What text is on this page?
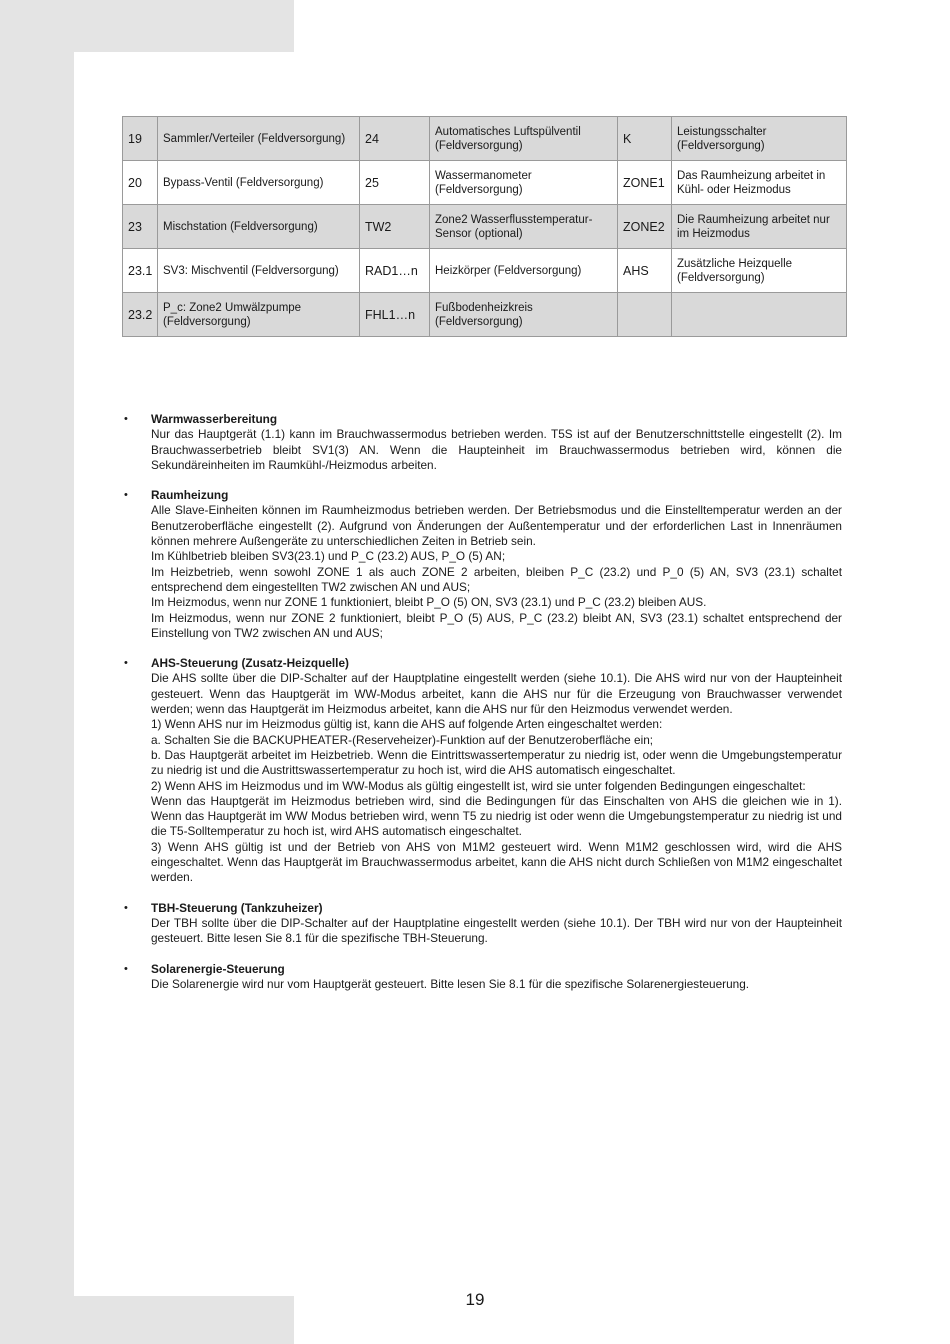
19	Sammler/Verteiler (Feldversorgung)	24	Automatisches Luftspülventil (Feldversorgung)	K	Leistungsschalter (Feldversorgung)
20	Bypass-Ventil (Feldversorgung)	25	Wassermanometer (Feldversorgung)	ZONE1	Das Raumheizung arbeitet in Kühl- oder Heizmodus
23	Mischstation (Feldversorgung)	TW2	Zone2 Wasserflusstemperatur-Sensor (optional)	ZONE2	Die Raumheizung arbeitet nur im Heizmodus
23.1	SV3: Mischventil (Feldversorgung)	RAD1…n	Heizkörper (Feldversorgung)	AHS	Zusätzliche Heizquelle (Feldversorgung)
23.2	P_c: Zone2 Umwälzpumpe (Feldversorgung)	FHL1…n	Fußbodenheizkreis (Feldversorgung)		
• Warmwasserbereitung

Nur das Hauptgerät (1.1) kann im Brauchwassermodus betrieben werden. T5S ist auf der Benutzerschnittstelle eingestellt (2). Im Brauchwasserbetrieb bleibt SV1(3) AN. Wenn die Haupteinheit im Brauchwassermodus betrieben wird, können die Sekundäreinheiten im Raumkühl-/Heizmodus arbeiten.

• Raumheizung

Alle Slave-Einheiten können im Raumheizmodus betrieben werden. Der Betriebsmodus und die Einstelltemperatur werden an der Benutzeroberfläche eingestellt (2). Aufgrund von Änderungen der Außentemperatur und der erforderlichen Last in Innenräumen können mehrere Außengeräte zu unterschiedlichen Zeiten in Betrieb sein.

Im Kühlbetrieb bleiben SV3(23.1) und P_C (23.2) AUS, P_O (5) AN;

Im Heizbetrieb, wenn sowohl ZONE 1 als auch ZONE 2 arbeiten, bleiben P_C (23.2) und P_0 (5) AN, SV3 (23.1) schaltet entsprechend dem eingestellten TW2 zwischen AN und AUS;

Im Heizmodus, wenn nur ZONE 1 funktioniert, bleibt P_O (5) ON, SV3 (23.1) und P_C (23.2) bleiben AUS.

Im Heizmodus, wenn nur ZONE 2 funktioniert, bleibt P_O (5) AUS, P_C (23.2) bleibt AN, SV3 (23.1) schaltet entsprechend der Einstellung von TW2 zwischen AN und AUS;

• AHS-Steuerung (Zusatz-Heizquelle)

Die AHS sollte über die DIP-Schalter auf der Hauptplatine eingestellt werden (siehe 10.1). Die AHS wird nur von der Haupteinheit gesteuert. Wenn das Hauptgerät im WW-Modus arbeitet, kann die AHS nur für die Erzeugung von Brauchwasser verwendet werden; wenn das Hauptgerät im Heizmodus arbeitet, kann die AHS nur für den Heizmodus verwendet werden.

1) Wenn AHS nur im Heizmodus gültig ist, kann die AHS auf folgende Arten eingeschaltet werden:

a. Schalten Sie die BACKUPHEATER-(Reserveheizer)-Funktion auf der Benutzeroberfläche ein;

b. Das Hauptgerät arbeitet im Heizbetrieb. Wenn die Eintrittswassertemperatur zu niedrig ist, oder wenn die Umgebungstemperatur zu niedrig ist und die Austrittswassertemperatur zu hoch ist, wird die AHS automatisch eingeschaltet.

2) Wenn AHS im Heizmodus und im WW-Modus als gültig eingestellt ist, wird sie unter folgenden Bedingungen eingeschaltet:

Wenn das Hauptgerät im Heizmodus betrieben wird, sind die Bedingungen für das Einschalten von AHS die gleichen wie in 1). Wenn das Hauptgerät im WW Modus betrieben wird, wenn T5 zu niedrig ist oder wenn die Umgebungstemperatur zu niedrig ist und die T5-Solltemperatur zu hoch ist, wird AHS automatisch eingeschaltet.

3) Wenn AHS gültig ist und der Betrieb von AHS von M1M2 gesteuert wird. Wenn M1M2 geschlossen wird, wird die AHS eingeschaltet. Wenn das Hauptgerät im Brauchwassermodus arbeitet, kann die AHS nicht durch Schließen von M1M2 eingeschaltet werden.

• TBH-Steuerung (Tankzuheizer)

Der TBH sollte über die DIP-Schalter auf der Hauptplatine eingestellt werden (siehe 10.1). Der TBH wird nur von der Haupteinheit gesteuert. Bitte lesen Sie 8.1 für die spezifische TBH-Steuerung.

• Solarenergie-Steuerung

Die Solarenergie wird nur vom Hauptgerät gesteuert. Bitte lesen Sie 8.1 für die spezifische Solarenergiesteuerung.

19
